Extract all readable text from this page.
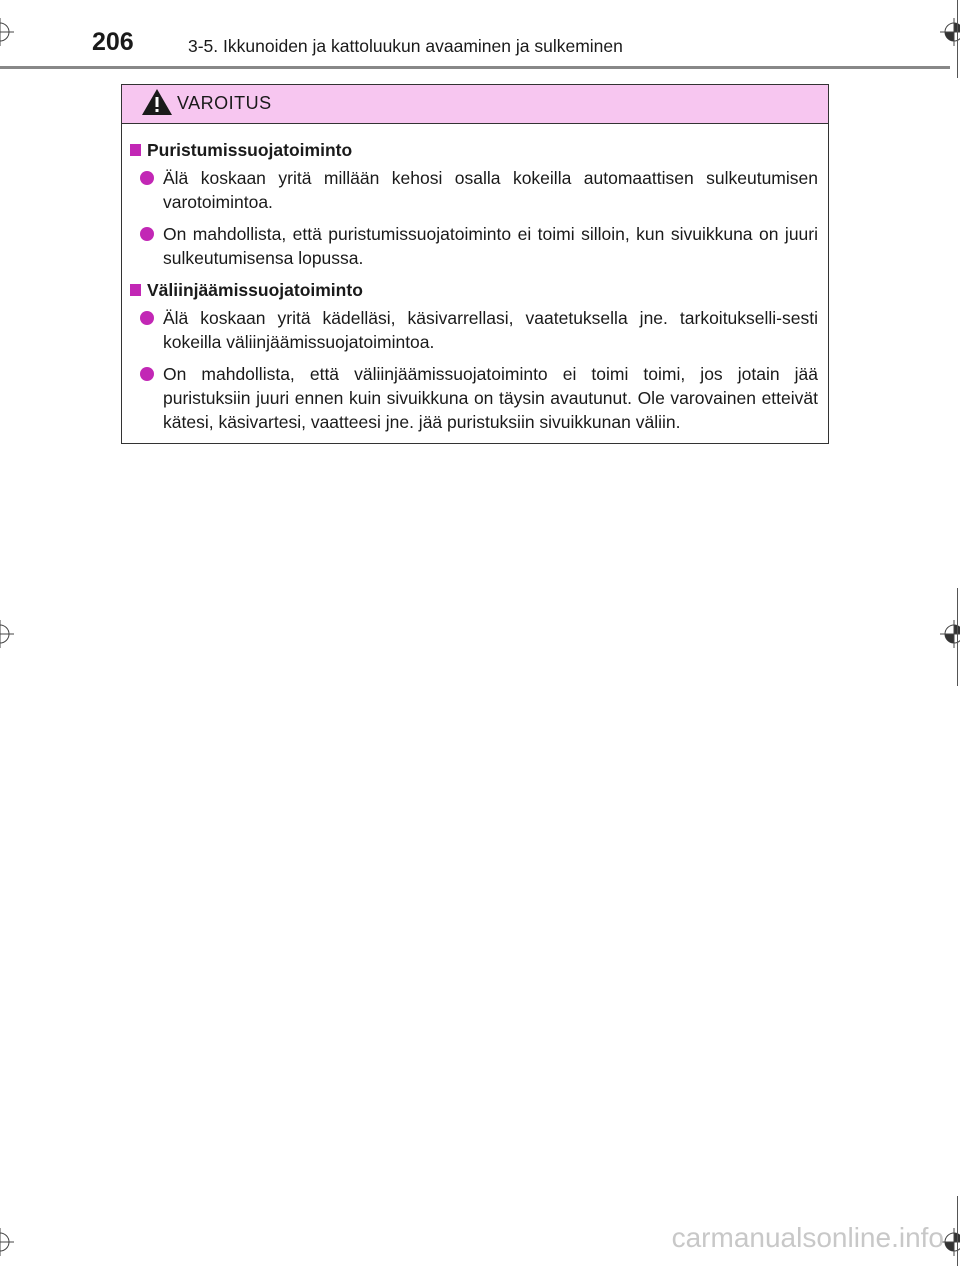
206	3-5. Ikkunoiden ja kattoluukun avaaminen ja sulkeminen
VAROITUS
Puristumissuojatoiminto
Älä koskaan yritä millään kehosi osalla kokeilla automaattisen sulkeutumisen varotoimintoa.
On mahdollista, että puristumissuojatoiminto ei toimi silloin, kun sivuikkuna on juuri sulkeutumisensa lopussa.
Väliinjäämissuojatoiminto
Älä koskaan yritä kädelläsi, käsivarrellasi, vaatetuksella jne. tarkoitukselli-sesti kokeilla väliinjäämissuojatoimintoa.
On mahdollista, että väliinjäämissuojatoiminto ei toimi toimi, jos jotain jää puristuksiin juuri ennen kuin sivuikkuna on täysin avautunut. Ole varovainen etteivät kätesi, käsivartesi, vaatteesi jne. jää puristuksiin sivuikkunan väliin.
carmanualsonline.info
